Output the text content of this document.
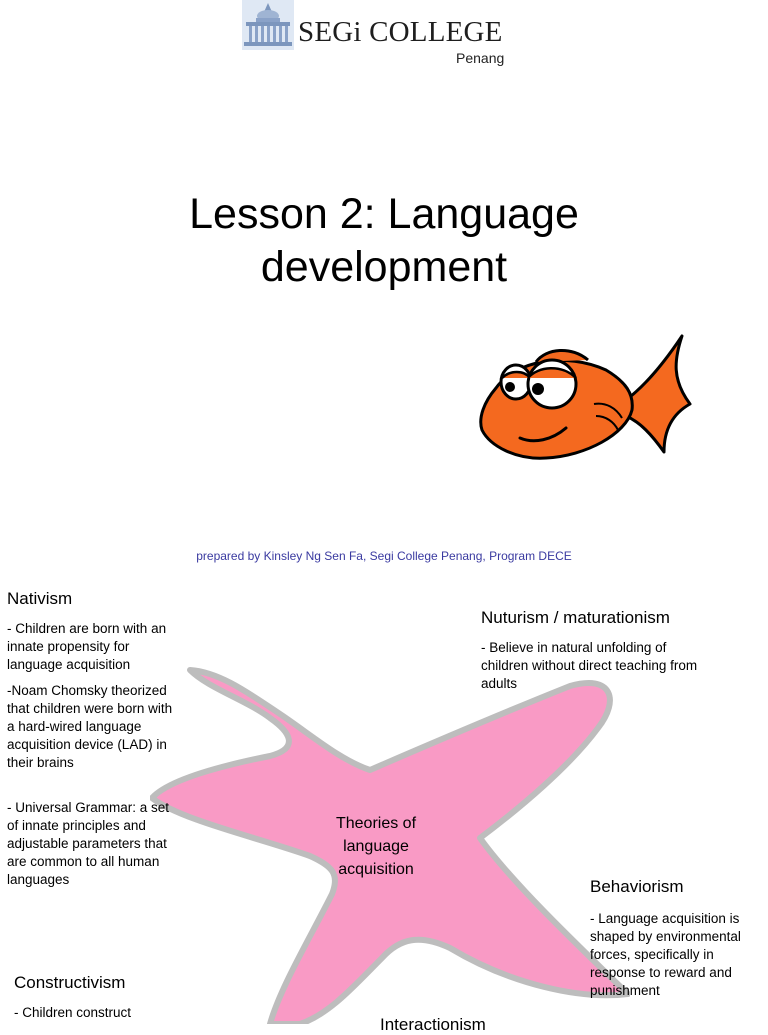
SEGi COLLEGE
Penang
Lesson 2: Language
development
prepared by Kinsley Ng Sen Fa, Segi College Penang, Program DECE
Nativism
- Children are born with an innate propensity for language acquisition
-Noam Chomsky theorized that children were born with a hard-wired language acquisition device (LAD) in their brains
- Universal Grammar: a set of innate principles and adjustable parameters that are common to all human languages
Nuturism / maturationism
- Believe in natural unfolding of children without direct teaching from adults
Theories of
language
acquisition
Behaviorism
- Language acquisition is shaped by environmental forces, specifically in response to reward and punishment
Constructivism
- Children construct
Interactionism
